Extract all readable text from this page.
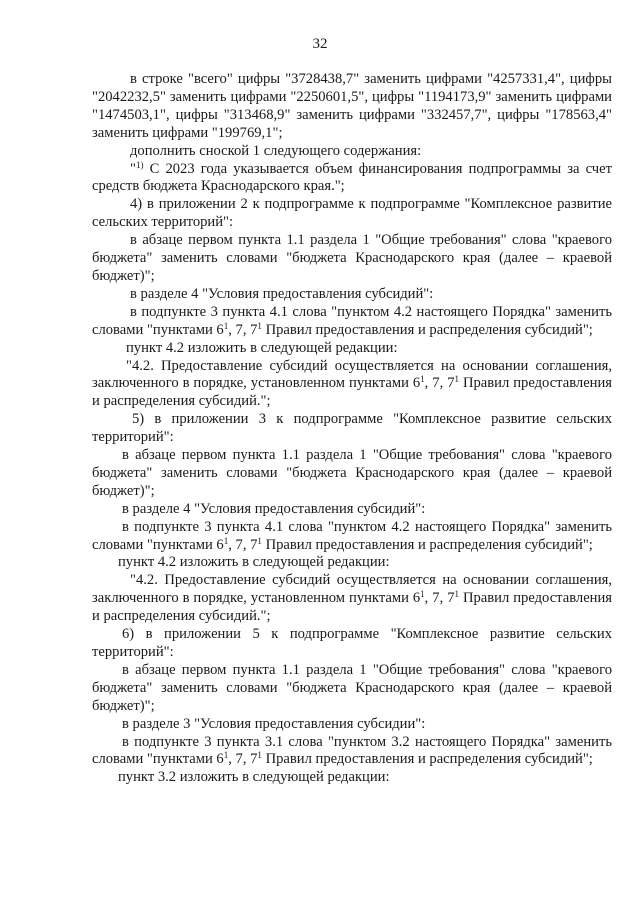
32

в строке "всего" цифры "3728438,7" заменить цифрами "4257331,4", цифры "2042232,5" заменить цифрами "2250601,5", цифры "1194173,9" заменить цифрами "1474503,1", цифры "313468,9" заменить цифрами "332457,7", цифры "178563,4" заменить цифрами "199769,1";

дополнить сноской 1 следующего содержания:

"$^{1)}$ С 2023 года указывается объем финансирования подпрограммы за счет средств бюджета Краснодарского края.";

4) в приложении 2 к подпрограмме к подпрограмме "Комплексное развитие сельских территорий":

в абзаце первом пункта 1.1 раздела 1 "Общие требования" слова "краевого бюджета" заменить словами "бюджета Краснодарского края (далее – краевой бюджет)";

в разделе 4 "Условия предоставления субсидий":

в подпункте 3 пункта 4.1 слова "пунктом 4.2 настоящего Порядка" заменить словами "пунктами $6^1$, 7, $7^1$ Правил предоставления и распределения субсидий";

пункт 4.2 изложить в следующей редакции:

"4.2. Предоставление субсидий осуществляется на основании соглашения, заключенного в порядке, установленном пунктами $6^1$, 7, $7^1$ Правил предоставления и распределения субсидий.";

5) в приложении 3 к подпрограмме "Комплексное развитие сельских территорий":

в абзаце первом пункта 1.1 раздела 1 "Общие требования" слова "краевого бюджета" заменить словами "бюджета Краснодарского края (далее – краевой бюджет)";

в разделе 4 "Условия предоставления субсидий":

в подпункте 3 пункта 4.1 слова "пунктом 4.2 настоящего Порядка" заменить словами "пунктами $6^1$, 7, $7^1$ Правил предоставления и распределения субсидий";

пункт 4.2 изложить в следующей редакции:

"4.2. Предоставление субсидий осуществляется на основании соглашения, заключенного в порядке, установленном пунктами $6^1$, 7, $7^1$ Правил предоставления и распределения субсидий.";

6) в приложении 5 к подпрограмме "Комплексное развитие сельских территорий":

в абзаце первом пункта 1.1 раздела 1 "Общие требования" слова "краевого бюджета" заменить словами "бюджета Краснодарского края (далее – краевой бюджет)";

в разделе 3 "Условия предоставления субсидии":

в подпункте 3 пункта 3.1 слова "пунктом 3.2 настоящего Порядка" заменить словами "пунктами $6^1$, 7, $7^1$ Правил предоставления и распределения субсидий";

пункт 3.2 изложить в следующей редакции:
